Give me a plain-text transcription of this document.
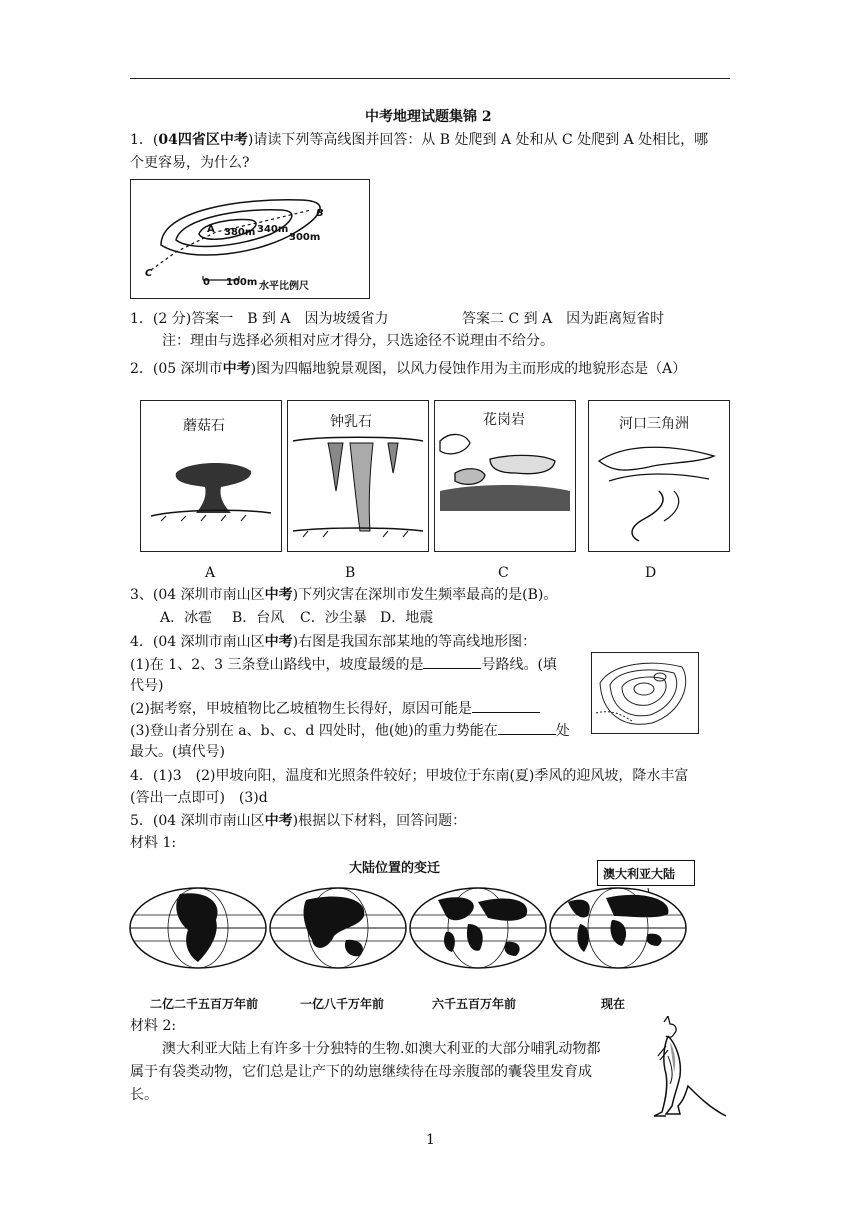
中考地理试题集锦 2
1．(04四省区中考)请读下列等高线图并回答：从 B 处爬到 A 处和从 C 处爬到 A 处相比，哪
个更容易，为什么?
A 380m 340m
300m
B
C
0 100m 水平比例尺
1．(2 分)答案一　B 到 A　因为坡缓省力	答案二 C 到 A　因为距离短省时
注：理由与选择必须相对应才得分，只选途径不说理由不给分。
2．(05 深圳市中考)图为四幅地貌景观图，以风力侵蚀作用为主而形成的地貌形态是（A）
蘑菇石	钟乳石	花岗岩	河口三角洲
A	B	C	D
3、(04 深圳市南山区中考)下列灾害在深圳市发生频率最高的是(B)。
A．冰雹 B．台风 C．沙尘暴 D．地震
4．(04 深圳市南山区中考)右图是我国东部某地的等高线地形图：
(1)在 1、2、3 三条登山路线中，坡度最缓的是	号路线。(填
代号)
(2)据考察，甲坡植物比乙坡植物生长得好，原因可能是
(3)登山者分别在 a、b、c、d 四处时，他(她)的重力势能在	处
最大。(填代号)
4．(1)3　(2)甲坡向阳，温度和光照条件较好；甲坡位于东南(夏)季风的迎风坡，降水丰富
(答出一点即可)　(3)d
5．(04 深圳市南山区中考)根据以下材料，回答问题：
材料 1:
大陆位置的变迁	澳大利亚大陆
二亿二千五百万年前	一亿八千万年前	六千五百万年前	现在
材料 2:
澳大利亚大陆上有许多十分独特的生物.如澳大利亚的大部分哺乳动物都
属于有袋类动物，它们总是让产下的幼崽继续待在母亲腹部的囊袋里发育成
长。
1
